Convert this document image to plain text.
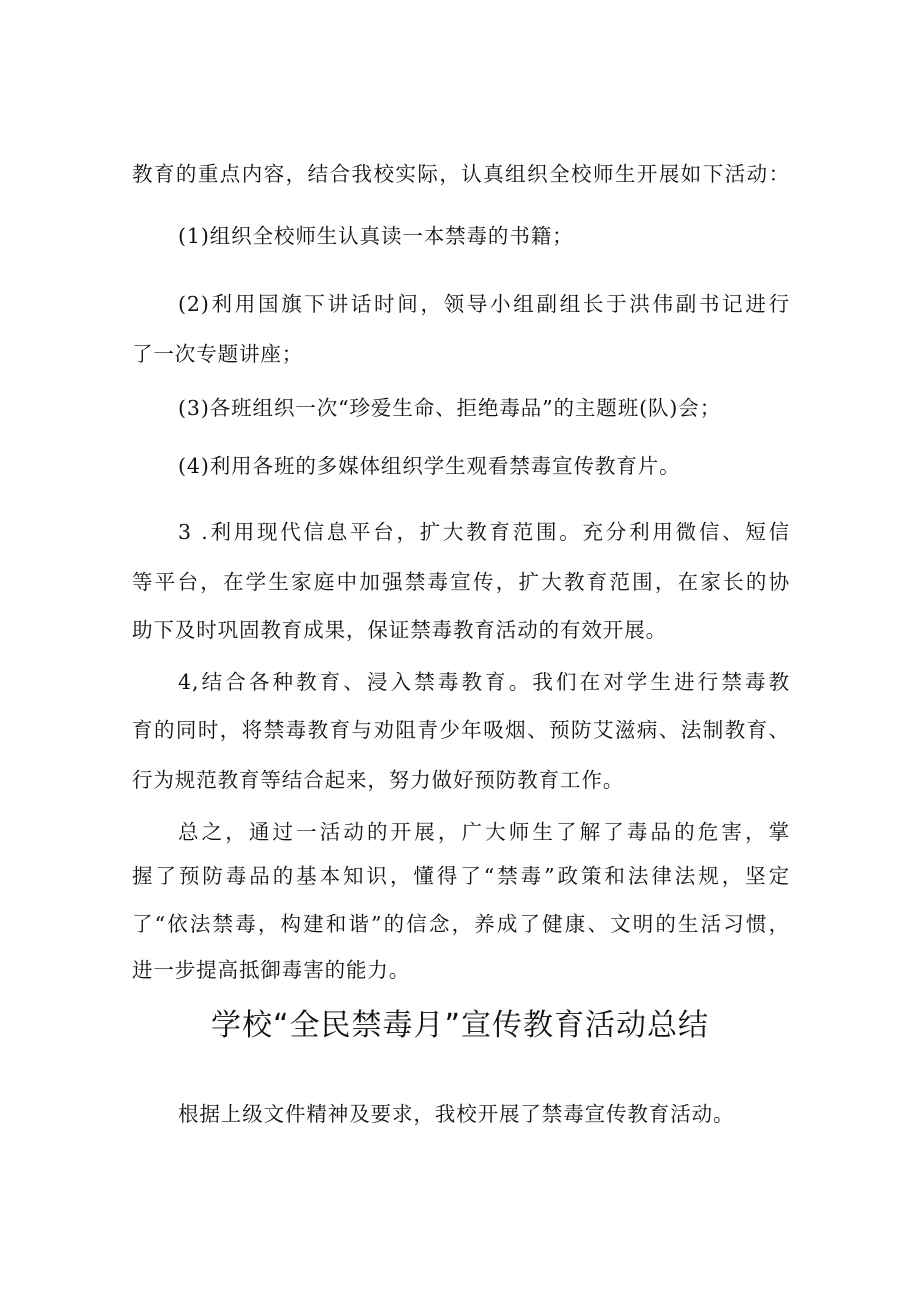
教育的重点内容，结合我校实际，认真组织全校师生开展如下活动：
(1)组织全校师生认真读一本禁毒的书籍；
(2)利用国旗下讲话时间，领导小组副组长于洪伟副书记进行
了一次专题讲座；
(3)各班组织一次“珍爱生命、拒绝毒品”的主题班(队)会；
(4)利用各班的多媒体组织学生观看禁毒宣传教育片。
3 .利用现代信息平台，扩大教育范围。充分利用微信、短信
等平台，在学生家庭中加强禁毒宣传，扩大教育范围，在家长的协
助下及时巩固教育成果，保证禁毒教育活动的有效开展。
4,结合各种教育、浸入禁毒教育。我们在对学生进行禁毒教
育的同时，将禁毒教育与劝阻青少年吸烟、预防艾滋病、法制教育、
行为规范教育等结合起来，努力做好预防教育工作。
总之，通过一活动的开展，广大师生了解了毒品的危害，掌
握了预防毒品的基本知识，懂得了“禁毒”政策和法律法规，坚定
了“依法禁毒，构建和谐”的信念，养成了健康、文明的生活习惯，
进一步提高抵御毒害的能力。
学校“全民禁毒月”宣传教育活动总结
根据上级文件精神及要求，我校开展了禁毒宣传教育活动。
